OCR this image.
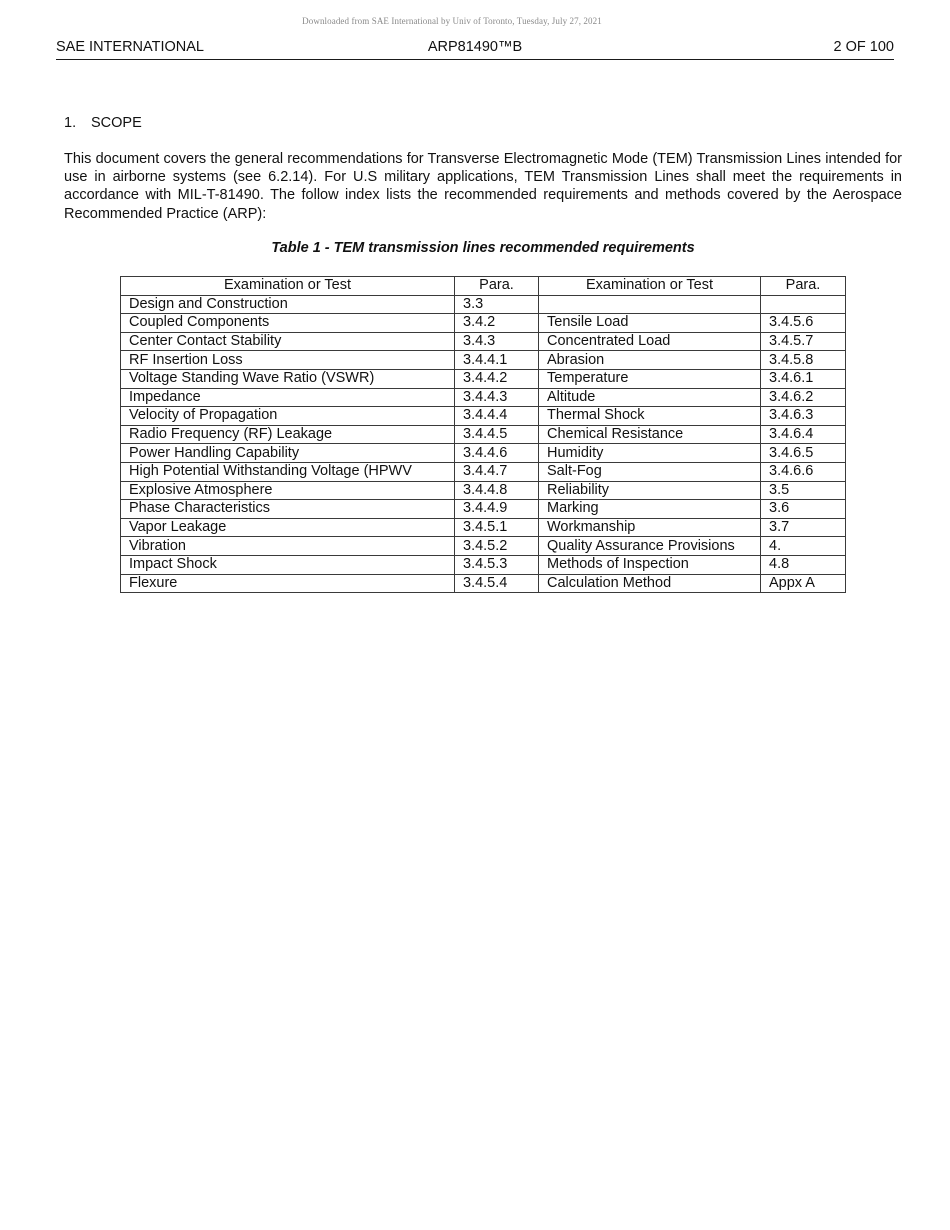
Downloaded from SAE International by Univ of Toronto, Tuesday, July 27, 2021
ARP81490™B
SAE INTERNATIONAL	2 OF 100
1. SCOPE

This document covers the general recommendations for Transverse Electromagnetic Mode (TEM) Transmission Lines intended for use in airborne systems (see 6.2.14). For U.S military applications, TEM Transmission Lines shall meet the requirements in accordance with MIL-T-81490. The follow index lists the recommended requirements and methods covered by the Aerospace Recommended Practice (ARP):

Table 1 - TEM transmission lines recommended requirements
Examination or Test	Para.	Examination or Test	Para.
Design and Construction	3.3		
Coupled Components	3.4.2	Tensile Load	3.4.5.6
Center Contact Stability	3.4.3	Concentrated Load	3.4.5.7
RF Insertion Loss	3.4.4.1	Abrasion	3.4.5.8
Voltage Standing Wave Ratio (VSWR)	3.4.4.2	Temperature	3.4.6.1
Impedance	3.4.4.3	Altitude	3.4.6.2
Velocity of Propagation	3.4.4.4	Thermal Shock	3.4.6.3
Radio Frequency (RF) Leakage	3.4.4.5	Chemical Resistance	3.4.6.4
Power Handling Capability	3.4.4.6	Humidity	3.4.6.5
High Potential Withstanding Voltage (HPWV	3.4.4.7	Salt-Fog	3.4.6.6
Explosive Atmosphere	3.4.4.8	Reliability	3.5
Phase Characteristics	3.4.4.9	Marking	3.6
Vapor Leakage	3.4.5.1	Workmanship	3.7
Vibration	3.4.5.2	Quality Assurance Provisions	4.
Impact Shock	3.4.5.3	Methods of Inspection	4.8
Flexure	3.4.5.4	Calculation Method	Appx A
